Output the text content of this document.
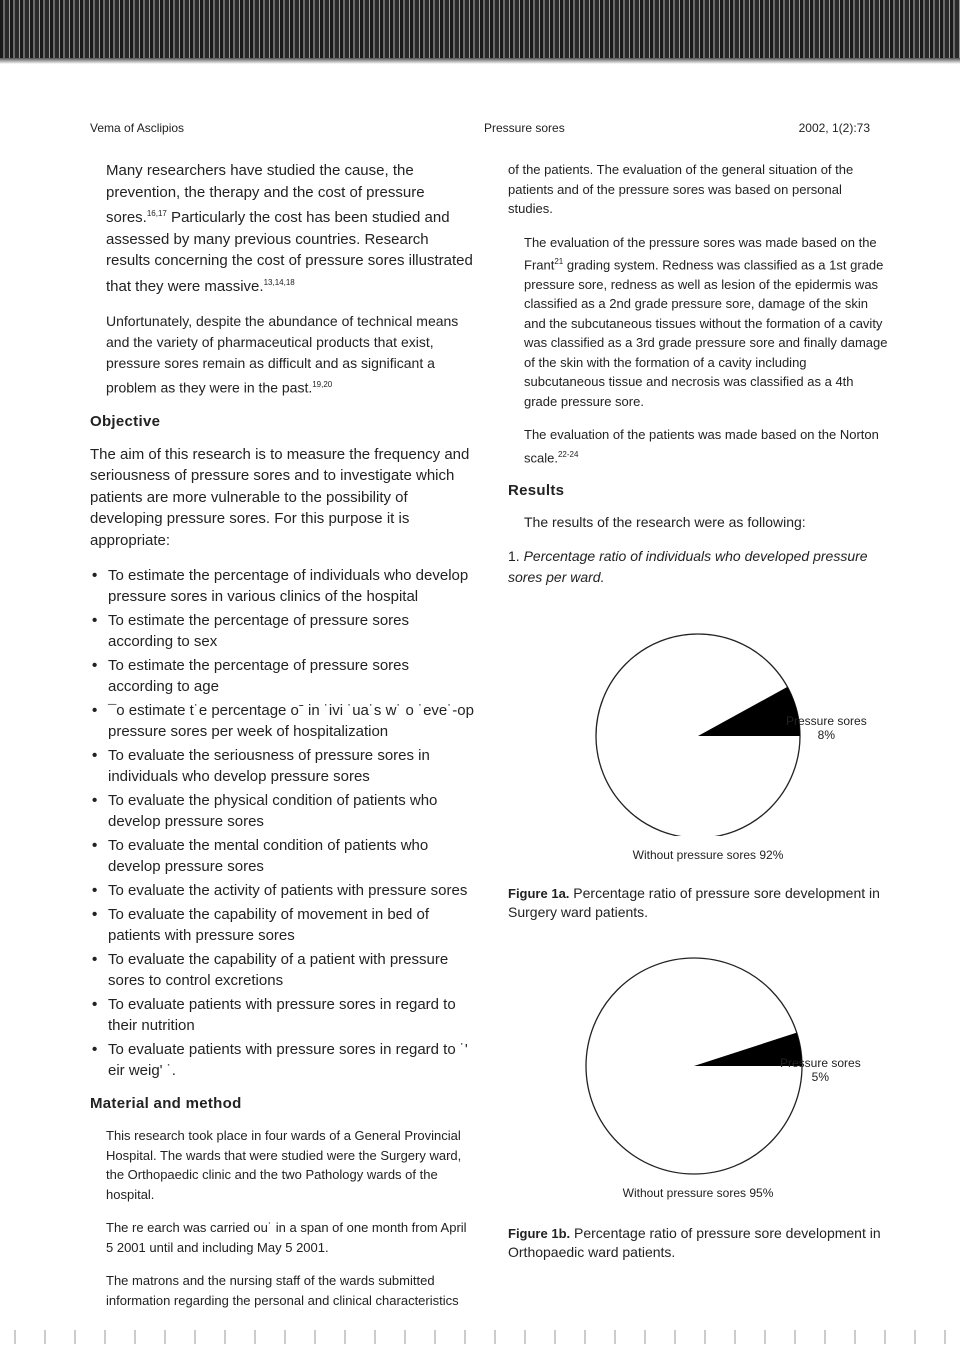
Vema of Asclipios	Pressure sores	2002, 1(2):73

Many researchers have studied the cause, the prevention, the therapy and the cost of pressure sores.$^{16,17}$ Particularly the cost has been studied and assessed by many previous countries. Research results concerning the cost of pressure sores illustrated that they were massive.$^{13,14,18}$

Unfortunately, despite the abundance of technical means and the variety of pharmaceutical products that exist, pressure sores remain as difficult and as significant a problem as they were in the past.$^{19,20}$

Objective

The aim of this research is to measure the frequency and seriousness of pressure sores and to investigate which patients are more vulnerable to the possibility of developing pressure sores. For this purpose it is appropriate:

• To estimate the percentage of individuals who develop pressure sores in various clinics of the hospital
• To estimate the percentage of pressure sores according to sex
• To estimate the percentage of pressure sores according to age
• ¯o estimate t˙e percentage oˉ in ˙ivi ˙ua˙s w˙ o ˙eve˙-op pressure sores per week of hospitalization
• To evaluate the seriousness of pressure sores in individuals who develop pressure sores
• To evaluate the physical condition of patients who develop pressure sores
• To evaluate the mental condition of patients who develop pressure sores
• To evaluate the activity of patients with pressure sores
• To evaluate the capability of movement in bed of patients with pressure sores
• To evaluate the capability of a patient with pressure sores to control excretions
• To evaluate patients with pressure sores in regard to their nutrition
• To evaluate patients with pressure sores in regard to ˙' eir weig' ˙.
Material and method

This research took place in four wards of a General Provincial Hospital. The wards that were studied were the Surgery ward, the Orthopaedic clinic and the two Pathology wards of the hospital.

The re earch was carried ou˙ in a span of one month from April 5 2001 until and including May 5 2001.

The matrons and the nursing staff of the wards submitted information regarding the personal and clinical characteristics

of the patients. The evaluation of the general situation of the patients and of the pressure sores was based on personal studies.

The evaluation of the pressure sores was made based on the Frant$^{21}$ grading system. Redness was classified as a 1st grade pressure sore, redness as well as lesion of the epidermis was classified as a 2nd grade pressure sore, damage of the skin and the subcutaneous tissues without the formation of a cavity was classified as a 3rd grade pressure sore and finally damage of the skin with the formation of a cavity including subcutaneous tissue and necrosis was classified as a 4th grade pressure sore.

The evaluation of the patients was made based on the Norton scale.$^{22-24}$

Results

The results of the research were as following:

1. Percentage ratio of individuals who developed pressure sores per ward.

Pressure sores
8%
Without pressure sores 92%

Figure 1a. Percentage ratio of pressure sore development in Surgery ward patients.

Pressure sores
5%
Without pressure sores 95%

Figure 1b. Percentage ratio of pressure sore development in Orthopaedic ward patients.
